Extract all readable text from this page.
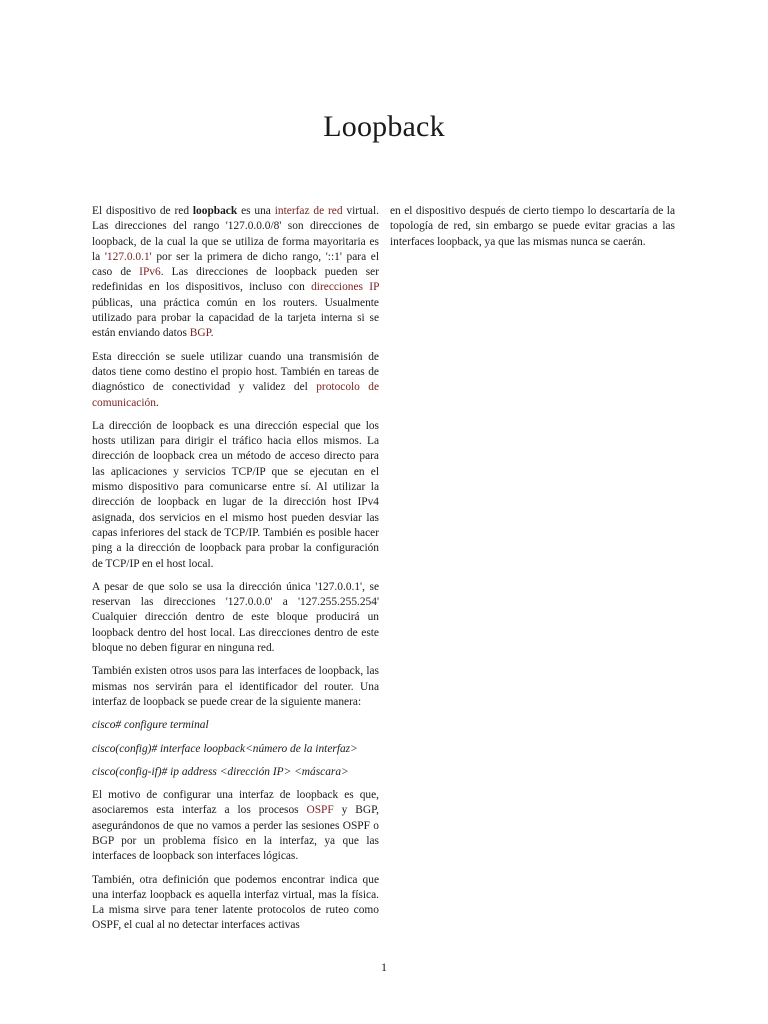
Loopback

El dispositivo de red loopback es una interfaz de red virtual. Las direcciones del rango '127.0.0.0/8' son direcciones de loopback, de la cual la que se utiliza de forma mayoritaria es la '127.0.0.1' por ser la primera de dicho rango, '::1' para el caso de IPv6. Las direcciones de loopback pueden ser redefinidas en los dispositivos, incluso con direcciones IP públicas, una práctica común en los routers. Usualmente utilizado para probar la capacidad de la tarjeta interna si se están enviando datos BGP.

Esta dirección se suele utilizar cuando una transmisión de datos tiene como destino el propio host. También en tareas de diagnóstico de conectividad y validez del protocolo de comunicación.

La dirección de loopback es una dirección especial que los hosts utilizan para dirigir el tráfico hacia ellos mismos. La dirección de loopback crea un método de acceso directo para las aplicaciones y servicios TCP/IP que se ejecutan en el mismo dispositivo para comunicarse entre sí. Al utilizar la dirección de loopback en lugar de la dirección host IPv4 asignada, dos servicios en el mismo host pueden desviar las capas inferiores del stack de TCP/IP. También es posible hacer ping a la dirección de loopback para probar la configuración de TCP/IP en el host local.

A pesar de que solo se usa la dirección única '127.0.0.1', se reservan las direcciones '127.0.0.0' a '127.255.255.254' Cualquier dirección dentro de este bloque producirá un loopback dentro del host local. Las direcciones dentro de este bloque no deben figurar en ninguna red.

También existen otros usos para las interfaces de loopback, las mismas nos servirán para el identificador del router. Una interfaz de loopback se puede crear de la siguiente manera:

cisco# configure terminal

cisco(config)# interface loopback<número de la interfaz>

cisco(config-if)# ip address <dirección IP> <máscara>

El motivo de configurar una interfaz de loopback es que, asociaremos esta interfaz a los procesos OSPF y BGP, asegurándonos de que no vamos a perder las sesiones OSPF o BGP por un problema físico en la interfaz, ya que las interfaces de loopback son interfaces lógicas.

También, otra definición que podemos encontrar indica que una interfaz loopback es aquella interfaz virtual, mas la física. La misma sirve para tener latente protocolos de ruteo como OSPF, el cual al no detectar interfaces activas

en el dispositivo después de cierto tiempo lo descartaría de la topología de red, sin embargo se puede evitar gracias a las interfaces loopback, ya que las mismas nunca se caerán.

1
